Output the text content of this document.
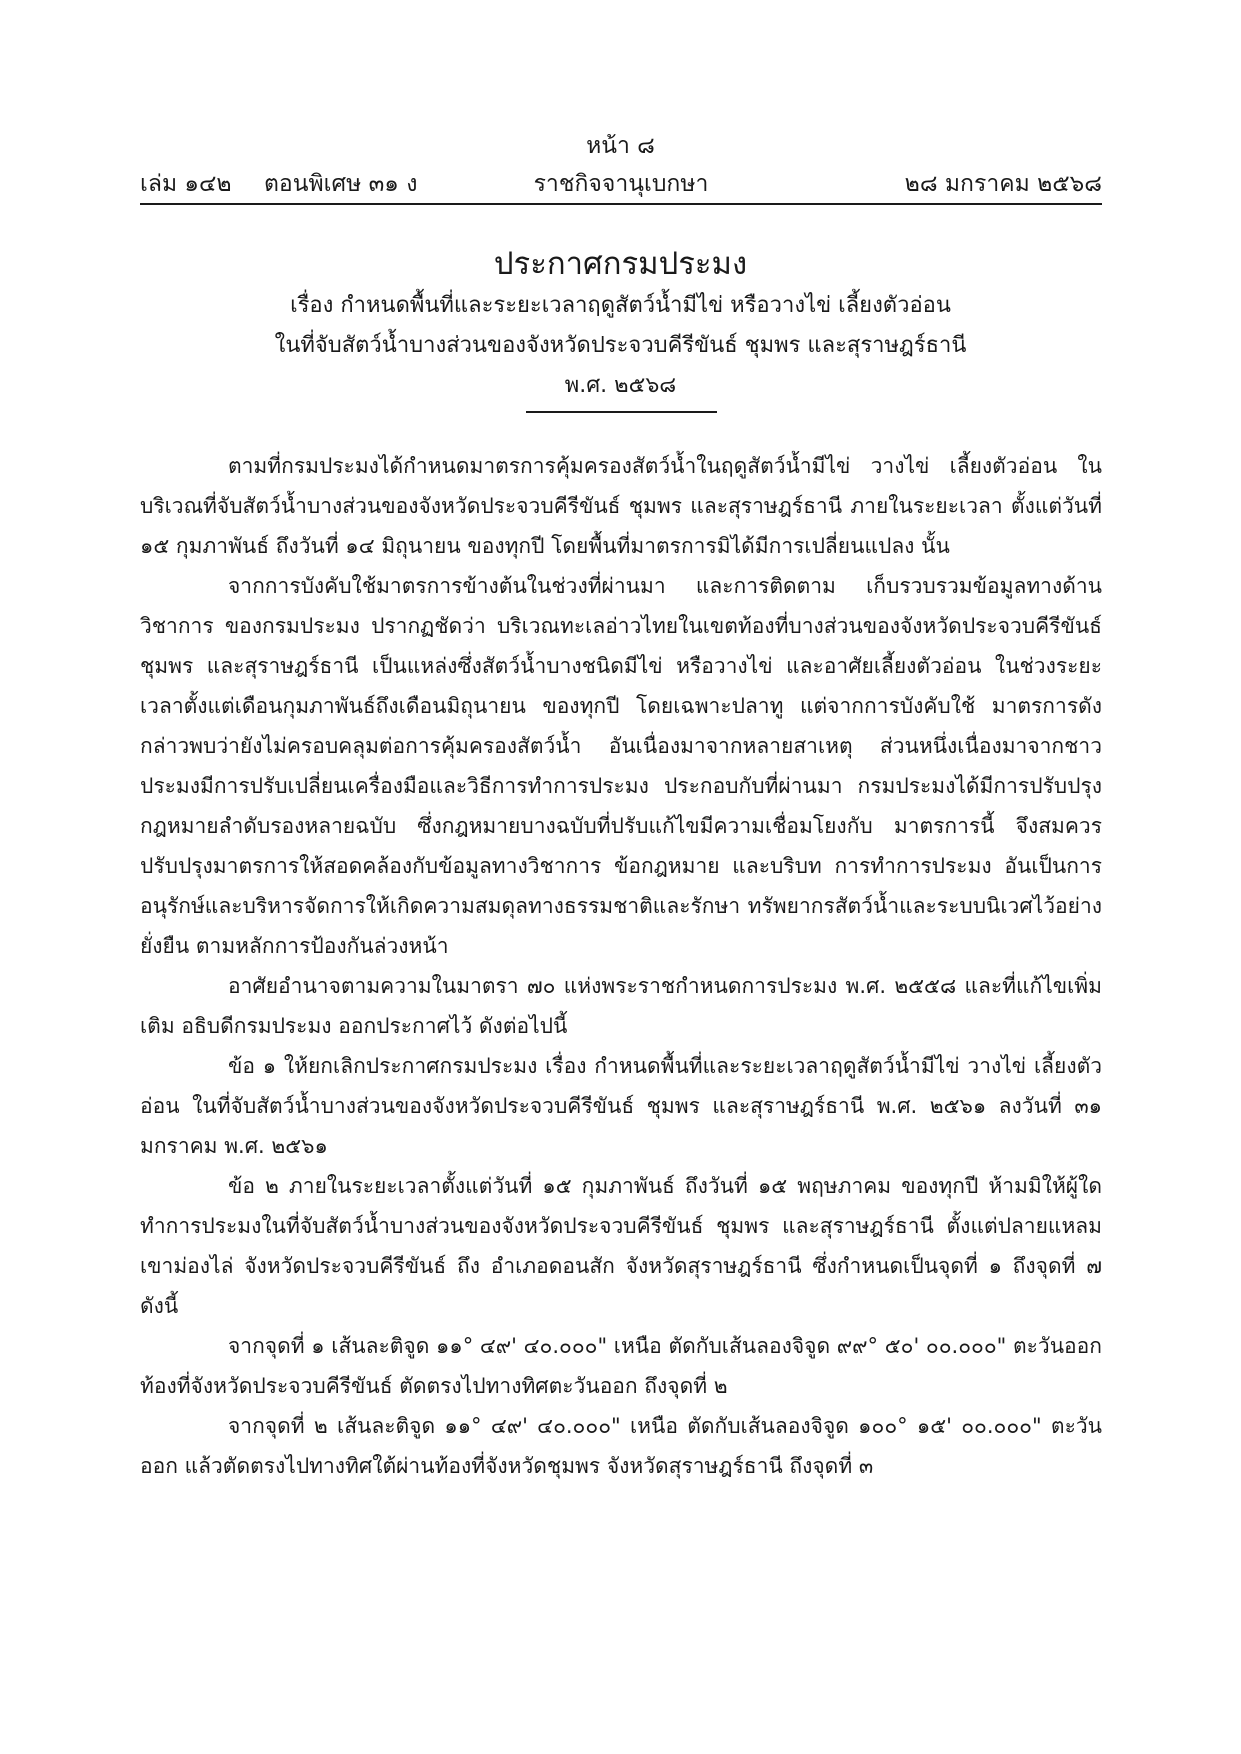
หน้า ๘
เล่ม ๑๔๒ ตอนพิเศษ ๓๑ ง	ราชกิจจานุเบกษา	๒๘ มกราคม ๒๕๖๘
ประกาศกรมประมง
เรื่อง กำหนดพื้นที่และระยะเวลาฤดูสัตว์น้ำมีไข่ หรือวางไข่ เลี้ยงตัวอ่อน
ในที่จับสัตว์น้ำบางส่วนของจังหวัดประจวบคีรีขันธ์ ชุมพร และสุราษฎร์ธานี
พ.ศ. ๒๕๖๘

ตามที่กรมประมงได้กำหนดมาตรการคุ้มครองสัตว์น้ำในฤดูสัตว์น้ำมีไข่ วางไข่ เลี้ยงตัวอ่อน ในบริเวณที่จับสัตว์น้ำบางส่วนของจังหวัดประจวบคีรีขันธ์ ชุมพร และสุราษฎร์ธานี ภายในระยะเวลา ตั้งแต่วันที่ ๑๕ กุมภาพันธ์ ถึงวันที่ ๑๔ มิถุนายน ของทุกปี โดยพื้นที่มาตรการมิได้มีการเปลี่ยนแปลง นั้น

จากการบังคับใช้มาตรการข้างต้นในช่วงที่ผ่านมา และการติดตาม เก็บรวบรวมข้อมูลทางด้านวิชาการ ของกรมประมง ปรากฏชัดว่า บริเวณทะเลอ่าวไทยในเขตท้องที่บางส่วนของจังหวัดประจวบคีรีขันธ์ ชุมพร และสุราษฎร์ธานี เป็นแหล่งซึ่งสัตว์น้ำบางชนิดมีไข่ หรือวางไข่ และอาศัยเลี้ยงตัวอ่อน ในช่วงระยะเวลาตั้งแต่เดือนกุมภาพันธ์ถึงเดือนมิถุนายน ของทุกปี โดยเฉพาะปลาทู แต่จากการบังคับใช้ มาตรการดังกล่าวพบว่ายังไม่ครอบคลุมต่อการคุ้มครองสัตว์น้ำ อันเนื่องมาจากหลายสาเหตุ ส่วนหนึ่งเนื่องมาจากชาวประมงมีการปรับเปลี่ยนเครื่องมือและวิธีการทำการประมง ประกอบกับที่ผ่านมา กรมประมงได้มีการปรับปรุงกฎหมายลำดับรองหลายฉบับ ซึ่งกฎหมายบางฉบับที่ปรับแก้ไขมีความเชื่อมโยงกับ มาตรการนี้ จึงสมควรปรับปรุงมาตรการให้สอดคล้องกับข้อมูลทางวิชาการ ข้อกฎหมาย และบริบท การทำการประมง อันเป็นการอนุรักษ์และบริหารจัดการให้เกิดความสมดุลทางธรรมชาติและรักษา ทรัพยากรสัตว์น้ำและระบบนิเวศไว้อย่างยั่งยืน ตามหลักการป้องกันล่วงหน้า

อาศัยอำนาจตามความในมาตรา ๗๐ แห่งพระราชกำหนดการประมง พ.ศ. ๒๕๕๘ และที่แก้ไขเพิ่มเติม อธิบดีกรมประมง ออกประกาศไว้ ดังต่อไปนี้

ข้อ ๑ ให้ยกเลิกประกาศกรมประมง เรื่อง กำหนดพื้นที่และระยะเวลาฤดูสัตว์น้ำมีไข่ วางไข่ เลี้ยงตัวอ่อน ในที่จับสัตว์น้ำบางส่วนของจังหวัดประจวบคีรีขันธ์ ชุมพร และสุราษฎร์ธานี พ.ศ. ๒๕๖๑ ลงวันที่ ๓๑ มกราคม พ.ศ. ๒๕๖๑

ข้อ ๒ ภายในระยะเวลาตั้งแต่วันที่ ๑๕ กุมภาพันธ์ ถึงวันที่ ๑๕ พฤษภาคม ของทุกปี ห้ามมิให้ผู้ใดทำการประมงในที่จับสัตว์น้ำบางส่วนของจังหวัดประจวบคีรีขันธ์ ชุมพร และสุราษฎร์ธานี ตั้งแต่ปลายแหลมเขาม่องไล่ จังหวัดประจวบคีรีขันธ์ ถึง อำเภอดอนสัก จังหวัดสุราษฎร์ธานี ซึ่งกำหนดเป็นจุดที่ ๑ ถึงจุดที่ ๗ ดังนี้

จากจุดที่ ๑ เส้นละติจูด ๑๑° ๔๙' ๔๐.๐๐๐" เหนือ ตัดกับเส้นลองจิจูด ๙๙° ๕๐' ๐๐.๐๐๐" ตะวันออก ท้องที่จังหวัดประจวบคีรีขันธ์ ตัดตรงไปทางทิศตะวันออก ถึงจุดที่ ๒

จากจุดที่ ๒ เส้นละติจูด ๑๑° ๔๙' ๔๐.๐๐๐" เหนือ ตัดกับเส้นลองจิจูด ๑๐๐° ๑๕' ๐๐.๐๐๐" ตะวันออก แล้วตัดตรงไปทางทิศใต้ผ่านท้องที่จังหวัดชุมพร จังหวัดสุราษฎร์ธานี ถึงจุดที่ ๓
